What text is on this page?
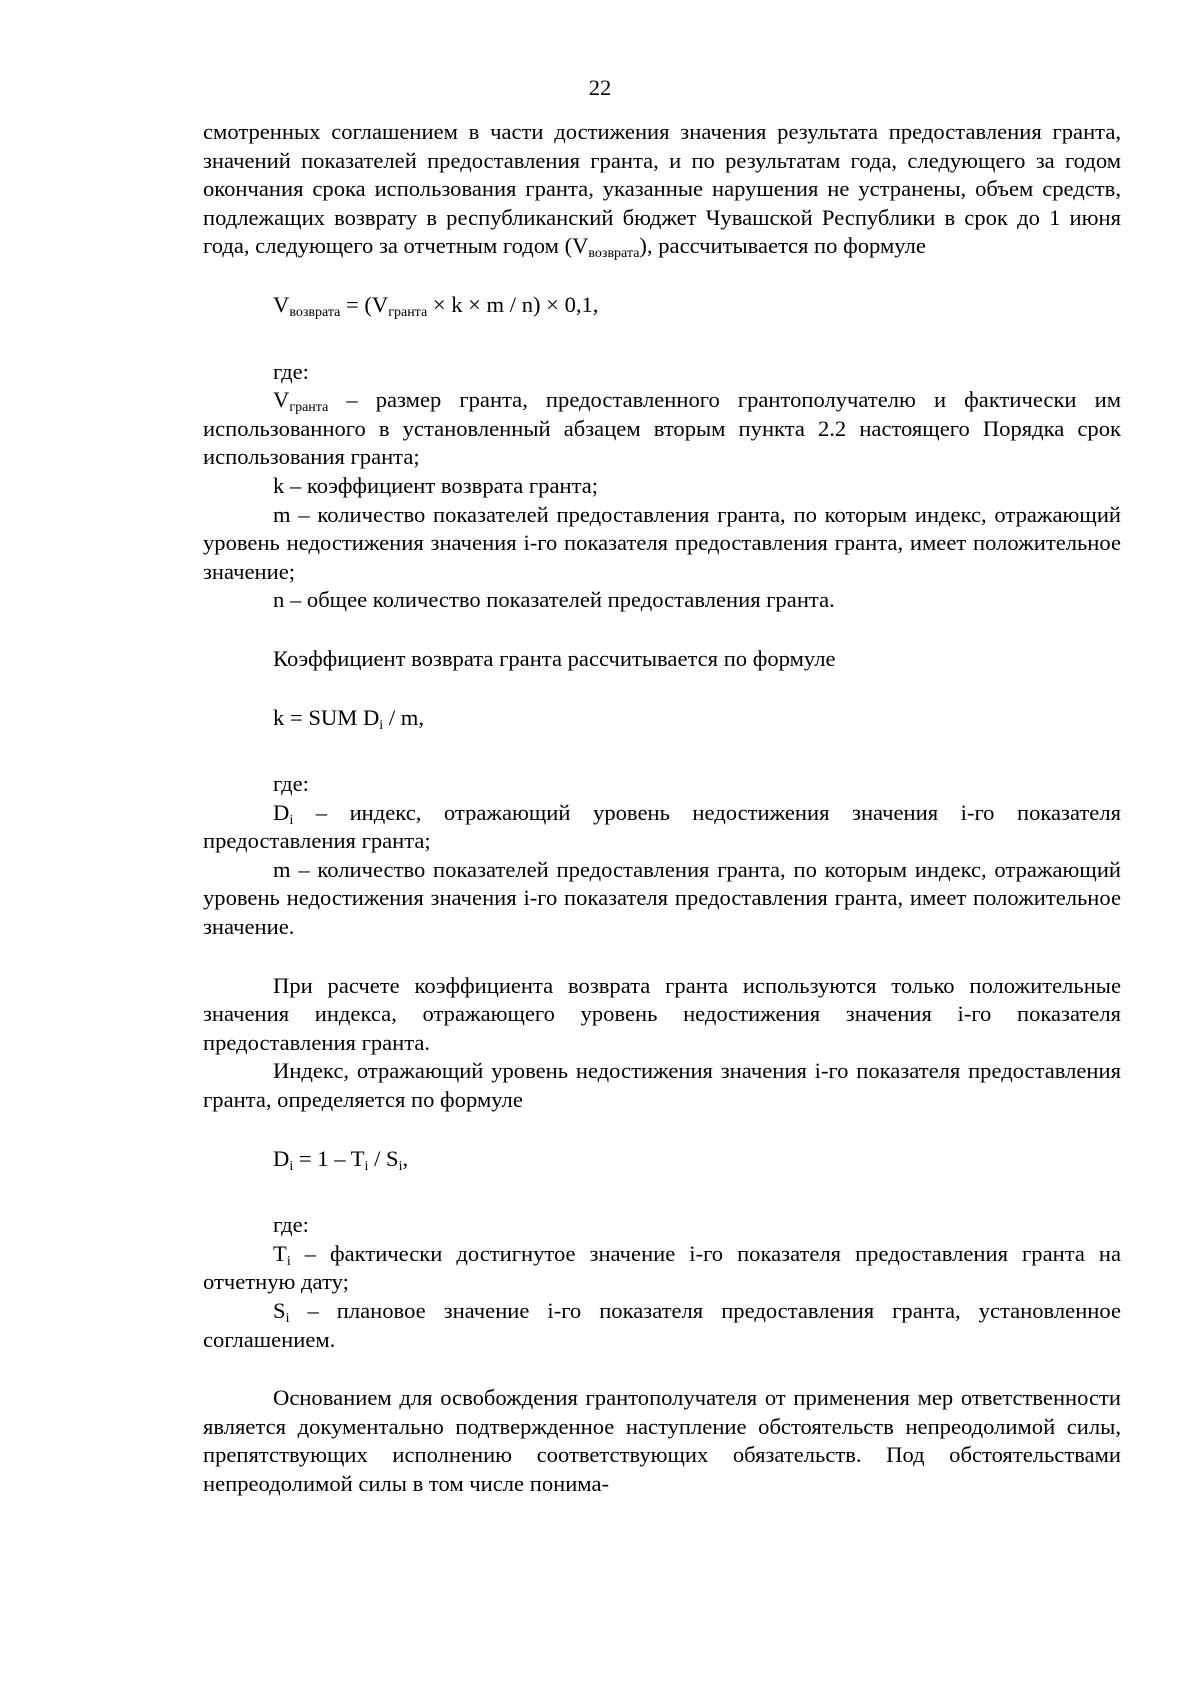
22

смотренных соглашением в части достижения значения результата предоставления гранта, значений показателей предоставления гранта, и по результатам года, следующего за годом окончания срока использования гранта, указанные нарушения не устранены, объем средств, подлежащих возврату в республиканский бюджет Чувашской Республики в срок до 1 июня года, следующего за отчетным годом $(V_{возврата})$, рассчитываетcя по формуле

$V_{возврата} = (V_{гранта} \times k \times m / n) \times 0,1$,

где:

$V_{гранта}$ – размер гранта, предоставленного грантополучателю и фактически им использованного в установленный абзацем вторым пункта 2.2 настоящего Порядка срок использования гранта;

k – коэффициент возврата гранта;

m – количество показателей предоставления гранта, по которым индекс, отражающий уровень недостижения значения i-го показателя предоставления гранта, имеет положительное значение;

n – общее количество показателей предоставления гранта.

Коэффициент возврата гранта рассчитывается по формуле

k = SUM $D_i$ / m,

где:

$D_i$ – индекс, отражающий уровень недостижения значения i-го показателя предоставления гранта;

m – количество показателей предоставления гранта, по которым индекс, отражающий уровень недостижения значения i-го показателя предоставления гранта, имеет положительное значение.

При расчете коэффициента возврата гранта используются только положительные значения индекса, отражающего уровень недостижения значения i-го показателя предоставления гранта.

Индекс, отражающий уровень недостижения значения i-го показателя предоставления гранта, определяется по формуле

$D_i = 1 - T_i / S_i$,

где:

$T_i$ – фактически достигнутое значение i-го показателя предоставления гранта на отчетную дату;

$S_i$ – плановое значение i-го показателя предоставления гранта, установленное соглашением.

Основанием для освобождения грантополучателя от применения мер ответственности является документально подтвержденное наступление обстоятельств непреодолимой силы, препятствующих исполнению соответствующих обязательств. Под обстоятельствами непреодолимой силы в том числе понима-
